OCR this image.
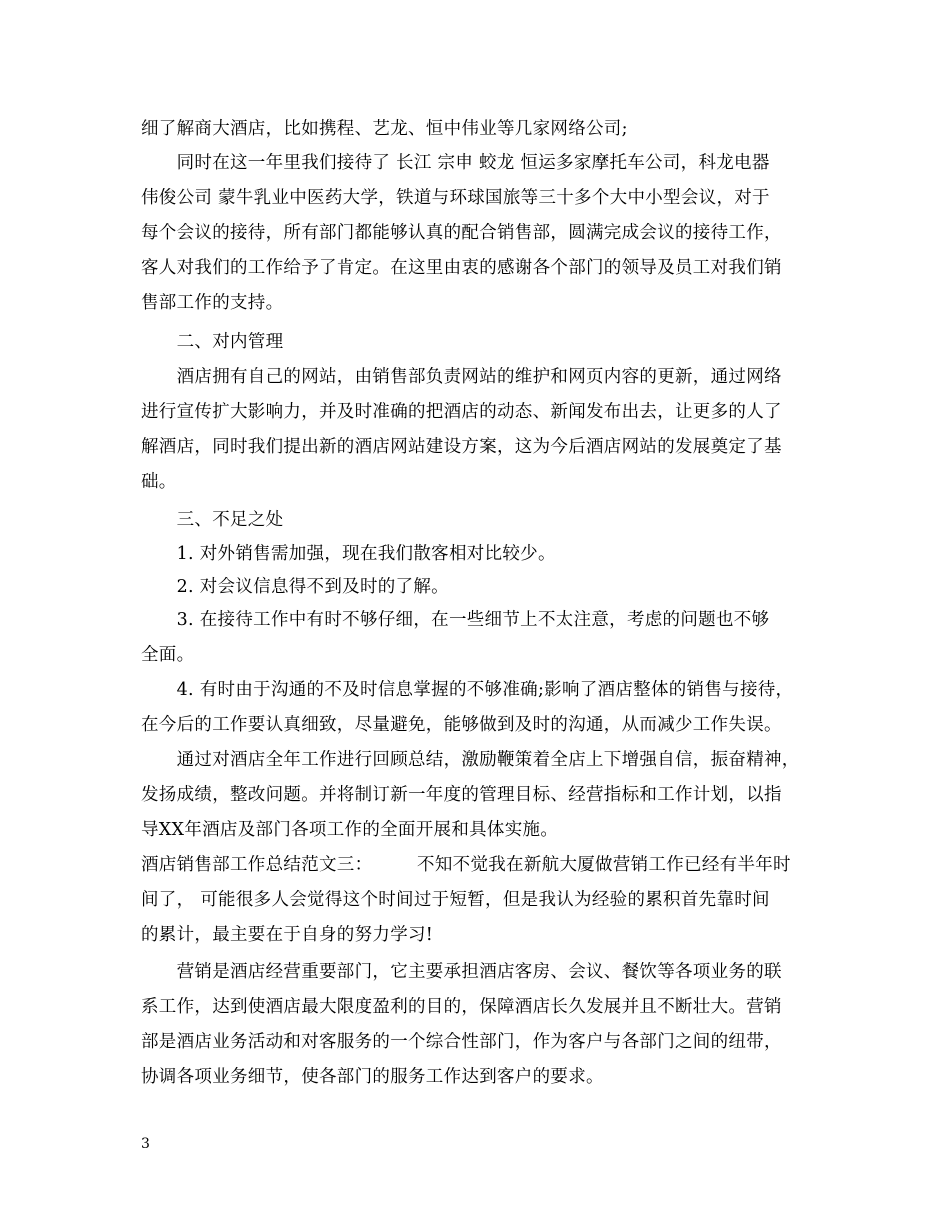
细了解商大酒店，比如携程、艺龙、恒中伟业等几家网络公司;
　　同时在这一年里我们接待了 长江 宗申 蛟龙 恒运多家摩托车公司，科龙电器
伟俊公司 蒙牛乳业中医药大学，铁道与环球国旅等三十多个大中小型会议，对于
每个会议的接待，所有部门都能够认真的配合销售部，圆满完成会议的接待工作，
客人对我们的工作给予了肯定。在这里由衷的感谢各个部门的领导及员工对我们销
售部工作的支持。
　　二、对内管理
　　酒店拥有自己的网站，由销售部负责网站的维护和网页内容的更新，通过网络
进行宣传扩大影响力，并及时准确的把酒店的动态、新闻发布出去，让更多的人了
解酒店，同时我们提出新的酒店网站建设方案，这为今后酒店网站的发展奠定了基
础。
　　三、不足之处
　　1. 对外销售需加强，现在我们散客相对比较少。
　　2. 对会议信息得不到及时的了解。
　　3. 在接待工作中有时不够仔细，在一些细节上不太注意，考虑的问题也不够
全面。
　　4. 有时由于沟通的不及时信息掌握的不够准确;影响了酒店整体的销售与接待，
在今后的工作要认真细致，尽量避免，能够做到及时的沟通，从而减少工作失误。
　　通过对酒店全年工作进行回顾总结，激励鞭策着全店上下增强自信，振奋精神，
发扬成绩，整改问题。并将制订新一年度的管理目标、经营指标和工作计划，以指
导XX年酒店及部门各项工作的全面开展和具体实施。
酒店销售部工作总结范文三：　　　不知不觉我在新航大厦做营销工作已经有半年时
间了， 可能很多人会觉得这个时间过于短暂，但是我认为经验的累积首先靠时间
的累计，最主要在于自身的努力学习!
　　营销是酒店经营重要部门，它主要承担酒店客房、会议、餐饮等各项业务的联
系工作，达到使酒店最大限度盈利的目的，保障酒店长久发展并且不断壮大。营销
部是酒店业务活动和对客服务的一个综合性部门，作为客户与各部门之间的纽带，
协调各项业务细节，使各部门的服务工作达到客户的要求。
3
